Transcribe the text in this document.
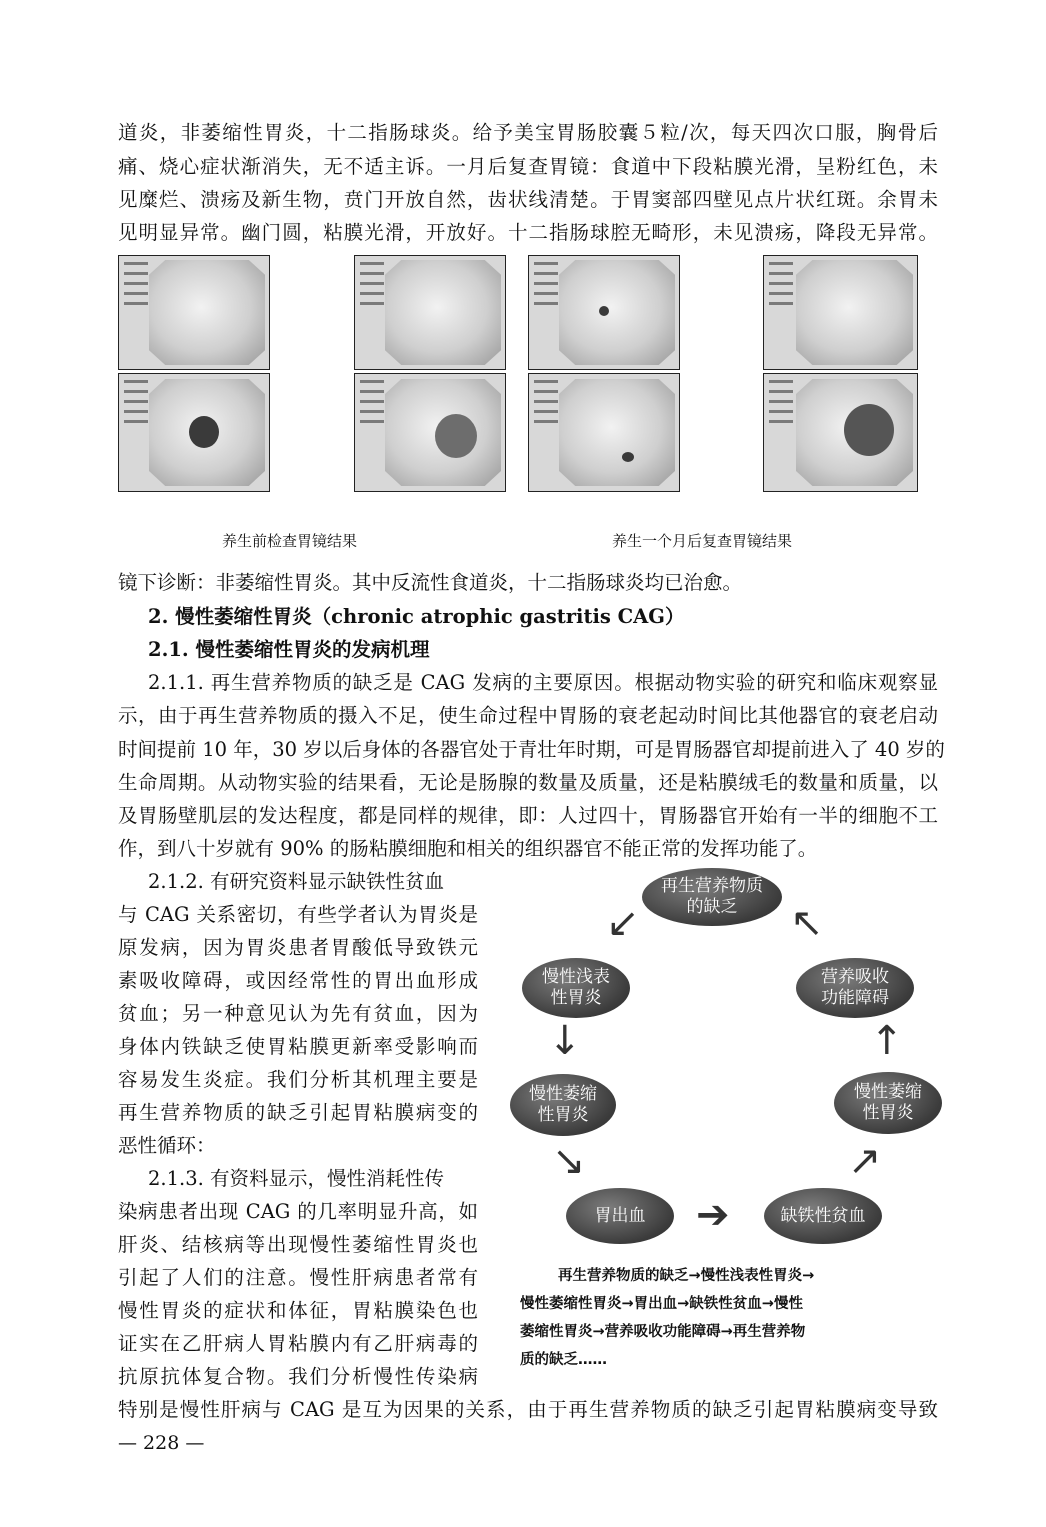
道炎，非萎缩性胃炎，十二指肠球炎。给予美宝胃肠胶囊５粒/次，每天四次口服，胸骨后
痛、烧心症状渐消失，无不适主诉。一月后复查胃镜：食道中下段粘膜光滑，呈粉红色，未
见糜烂、溃疡及新生物，贲门开放自然，齿状线清楚。于胃窦部四壁见点片状红斑。余胃未
见明显异常。幽门圆，粘膜光滑，开放好。十二指肠球腔无畸形，未见溃疡，降段无异常。
养生前检查胃镜结果	养生一个月后复查胃镜结果
镜下诊断：非萎缩性胃炎。其中反流性食道炎，十二指肠球炎均已治愈。
2. 慢性萎缩性胃炎（chronic atrophic gastritis CAG）
2.1. 慢性萎缩性胃炎的发病机理
2.1.1. 再生营养物质的缺乏是 CAG 发病的主要原因。根据动物实验的研究和临床观察显
示，由于再生营养物质的摄入不足，使生命过程中胃肠的衰老起动时间比其他器官的衰老启动
时间提前 10 年，30 岁以后身体的各器官处于青壮年时期，可是胃肠器官却提前进入了 40 岁的
生命周期。从动物实验的结果看，无论是肠腺的数量及质量，还是粘膜绒毛的数量和质量，以
及胃肠壁肌层的发达程度，都是同样的规律，即：人过四十，胃肠器官开始有一半的细胞不工
作，到八十岁就有 90% 的肠粘膜细胞和相关的组织器官不能正常的发挥功能了。
2.1.2. 有研究资料显示缺铁性贫血
与 CAG 关系密切，有些学者认为胃炎是
原发病，因为胃炎患者胃酸低导致铁元
素吸收障碍，或因经常性的胃出血形成
贫血；另一种意见认为先有贫血，因为
身体内铁缺乏使胃粘膜更新率受影响而
容易发生炎症。我们分析其机理主要是
再生营养物质的缺乏引起胃粘膜病变的
恶性循环：
2.1.3. 有资料显示，慢性消耗性传
染病患者出现 CAG 的几率明显升高，如
肝炎、结核病等出现慢性萎缩性胃炎也
引起了人们的注意。慢性肝病患者常有
慢性胃炎的症状和体征，胃粘膜染色也
证实在乙肝病人胃粘膜内有乙肝病毒的
抗原抗体复合物。我们分析慢性传染病
特别是慢性肝病与 CAG 是互为因果的关系，由于再生营养物质的缺乏引起胃粘膜病变导致
再生营养物质
的缺乏
营养吸收
功能障碍
慢性萎缩
性胃炎
缺铁性贫血
胃出血
慢性萎缩
性胃炎
慢性浅表
性胃炎
↙
↓
↘
➔
↗
↑
↖
再生营养物质的缺乏→慢性浅表性胃炎→
慢性萎缩性胃炎→胃出血→缺铁性贫血→慢性
萎缩性胃炎→营养吸收功能障碍→再生营养物
质的缺乏……
— 228 —
